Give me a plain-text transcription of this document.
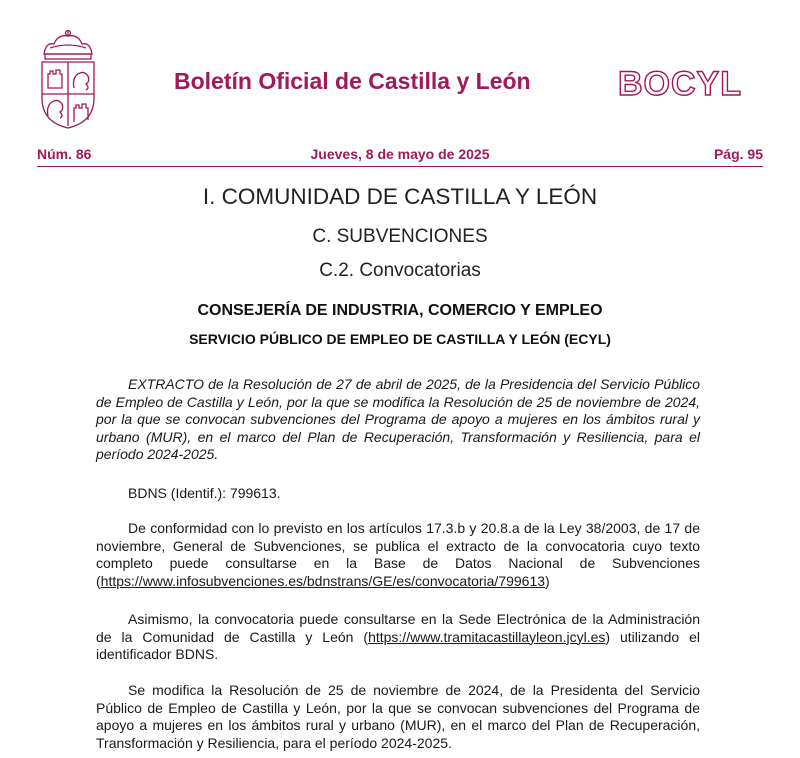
Boletín Oficial de Castilla y León	BOCYL
Jueves, 8 de mayo de 2025
Núm. 86	Pág. 95
I. COMUNIDAD DE CASTILLA Y LEÓN
C. SUBVENCIONES
C.2. Convocatorias
CONSEJERÍA DE INDUSTRIA, COMERCIO Y EMPLEO
SERVICIO PÚBLICO DE EMPLEO DE CASTILLA Y LEÓN (ECYL)

EXTRACTO de la Resolución de 27 de abril de 2025, de la Presidencia del Servicio Público de Empleo de Castilla y León, por la que se modifica la Resolución de 25 de noviembre de 2024, por la que se convocan subvenciones del Programa de apoyo a mujeres en los ámbitos rural y urbano (MUR), en el marco del Plan de Recuperación, Transformación y Resiliencia, para el período 2024-2025.

BDNS (Identif.): 799613.

De conformidad con lo previsto en los artículos 17.3.b y 20.8.a de la Ley 38/2003, de 17 de noviembre, General de Subvenciones, se publica el extracto de la convocatoria cuyo texto completo puede consultarse en la Base de Datos Nacional de Subvenciones (https://www.infosubvenciones.es/bdnstrans/GE/es/convocatoria/799613)

Asimismo, la convocatoria puede consultarse en la Sede Electrónica de la Administración de la Comunidad de Castilla y León (https://www.tramitacastillayleon.jcyl.es) utilizando el identificador BDNS.

Se modifica la Resolución de 25 de noviembre de 2024, de la Presidenta del Servicio Público de Empleo de Castilla y León, por la que se convocan subvenciones del Programa de apoyo a mujeres en los ámbitos rural y urbano (MUR), en el marco del Plan de Recuperación, Transformación y Resiliencia, para el período 2024-2025.
